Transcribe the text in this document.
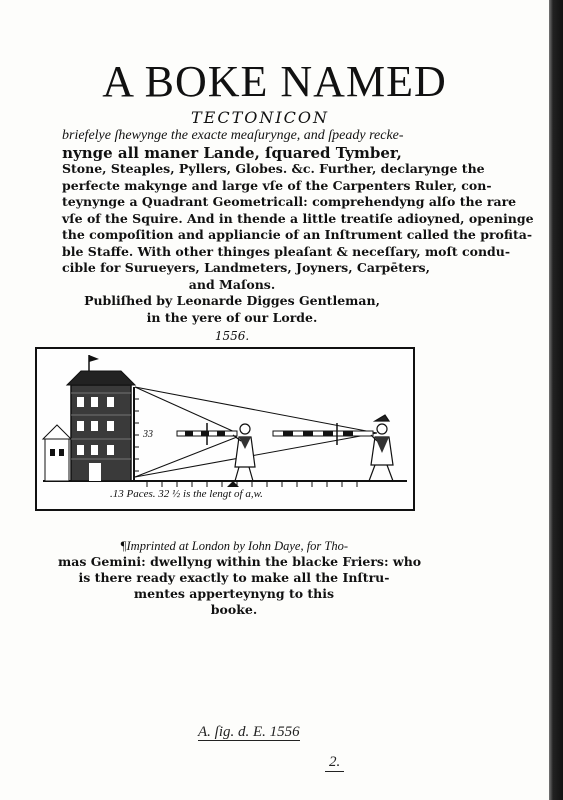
A BOKE NAMED
TECTONICON
briefelye ſhewynge the exacte meaſurynge, and ſpeady recke-
nynge all maner Lande, ſquared Tymber,
Stone, Steaples, Pyllers, Globes. &c. Further, declarynge the
perfecte makynge and large vſe of the Carpenters Ruler, con-
teynynge a Quadrant Geometricall: comprehendyng alſo the rare
vſe of the Squire. And in thende a little treatiſe adioyned, openinge
the compoſition and appliancie of an Inſtrument called the profita-
ble Staffe. With other thinges pleaſant & neceſſary, moſt condu-
cible for Surueyers, Landmeters, Joyners, Carpēters,
and Maſons.
Publiſhed by Leonarde Digges Gentleman,
in the yere of our Lorde.
1556.
33
.13 Paces. 32 ½ is the lengt of a,w.
¶Imprinted at London by Iohn Daye, for Tho-
mas Gemini: dwellyng within the blacke Friers: who
is there ready exactly to make all the Inſtru-
mentes apperteynyng to this
booke.
A. ſig. d. E. 1556
2.
